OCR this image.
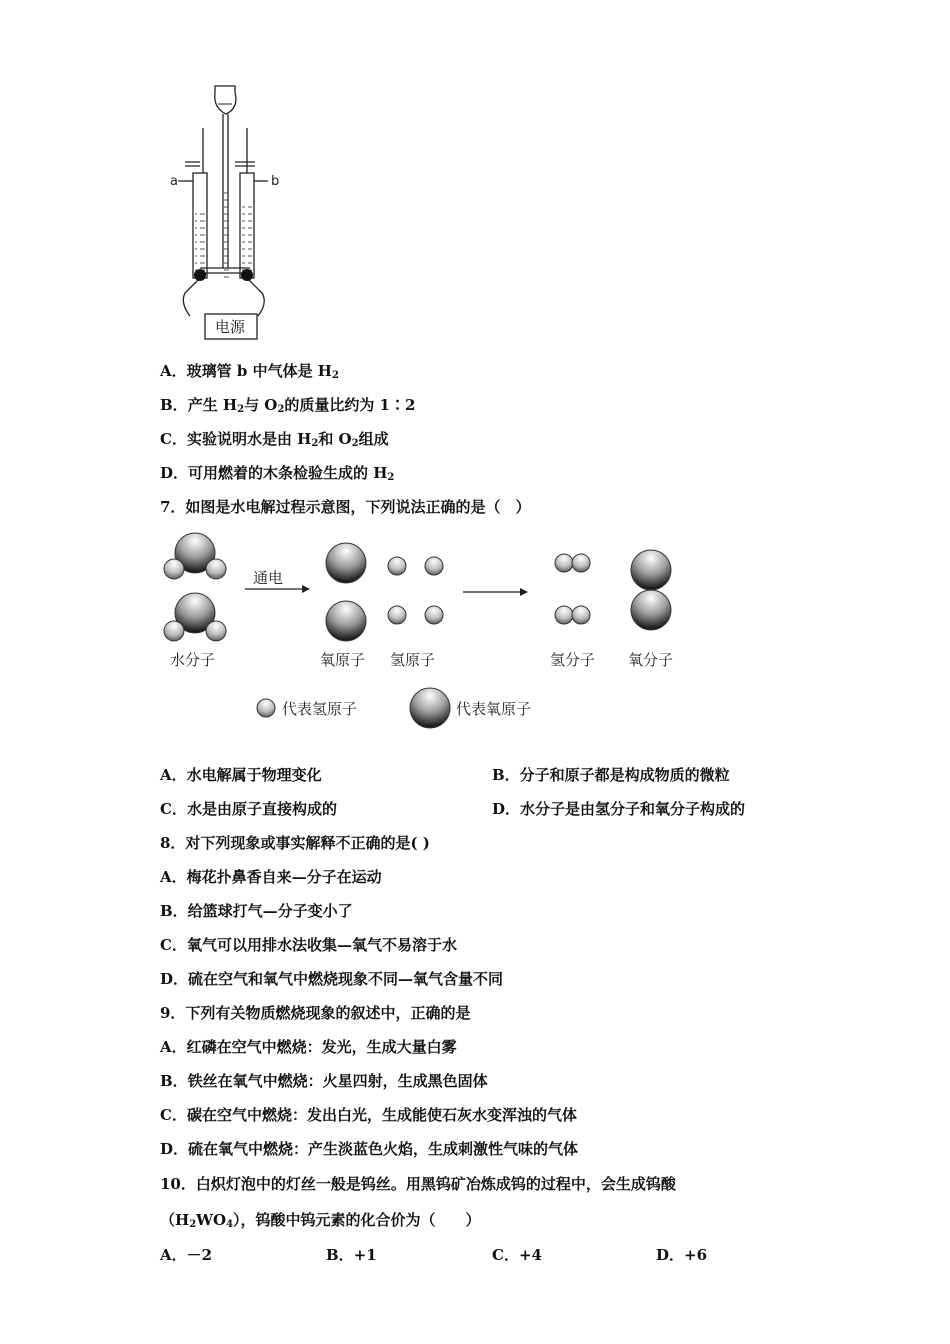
a	b
电源
A．玻璃管 b 中气体是 $H_2$
B．产生 $H_2$与 $O_2$的质量比约为 1∶2
C．实验说明水是由 $H_2$和 $O_2$组成
D．可用燃着的木条检验生成的 $H_2$
7．如图是水电解过程示意图，下列说法正确的是（　）
通电
水分子	氧原子 氢原子	氢分子 氧分子
代表氢原子	代表氧原子
A．水电解属于物理变化	B．分子和原子都是构成物质的微粒
C．水是由原子直接构成的	D．水分子是由氢分子和氧分子构成的
8．对下列现象或事实解释不正确的是( )
A．梅花扑鼻香自来—分子在运动
B．给篮球打气—分子变小了
C．氧气可以用排水法收集—氧气不易溶于水
D．硫在空气和氧气中燃烧现象不同—氧气含量不同
9．下列有关物质燃烧现象的叙述中，正确的是
A．红磷在空气中燃烧：发光，生成大量白雾
B．铁丝在氧气中燃烧：火星四射，生成黑色固体
C．碳在空气中燃烧：发出白光，生成能使石灰水变浑浊的气体
D．硫在氧气中燃烧：产生淡蓝色火焰，生成刺激性气味的气体
10．白炽灯泡中的灯丝一般是钨丝。用黑钨矿冶炼成钨的过程中，会生成钨酸
$(H_2WO_4)$，钨酸中钨元素的化合价为（　　）
A．－2	B．+1	C．+4	D．+6
